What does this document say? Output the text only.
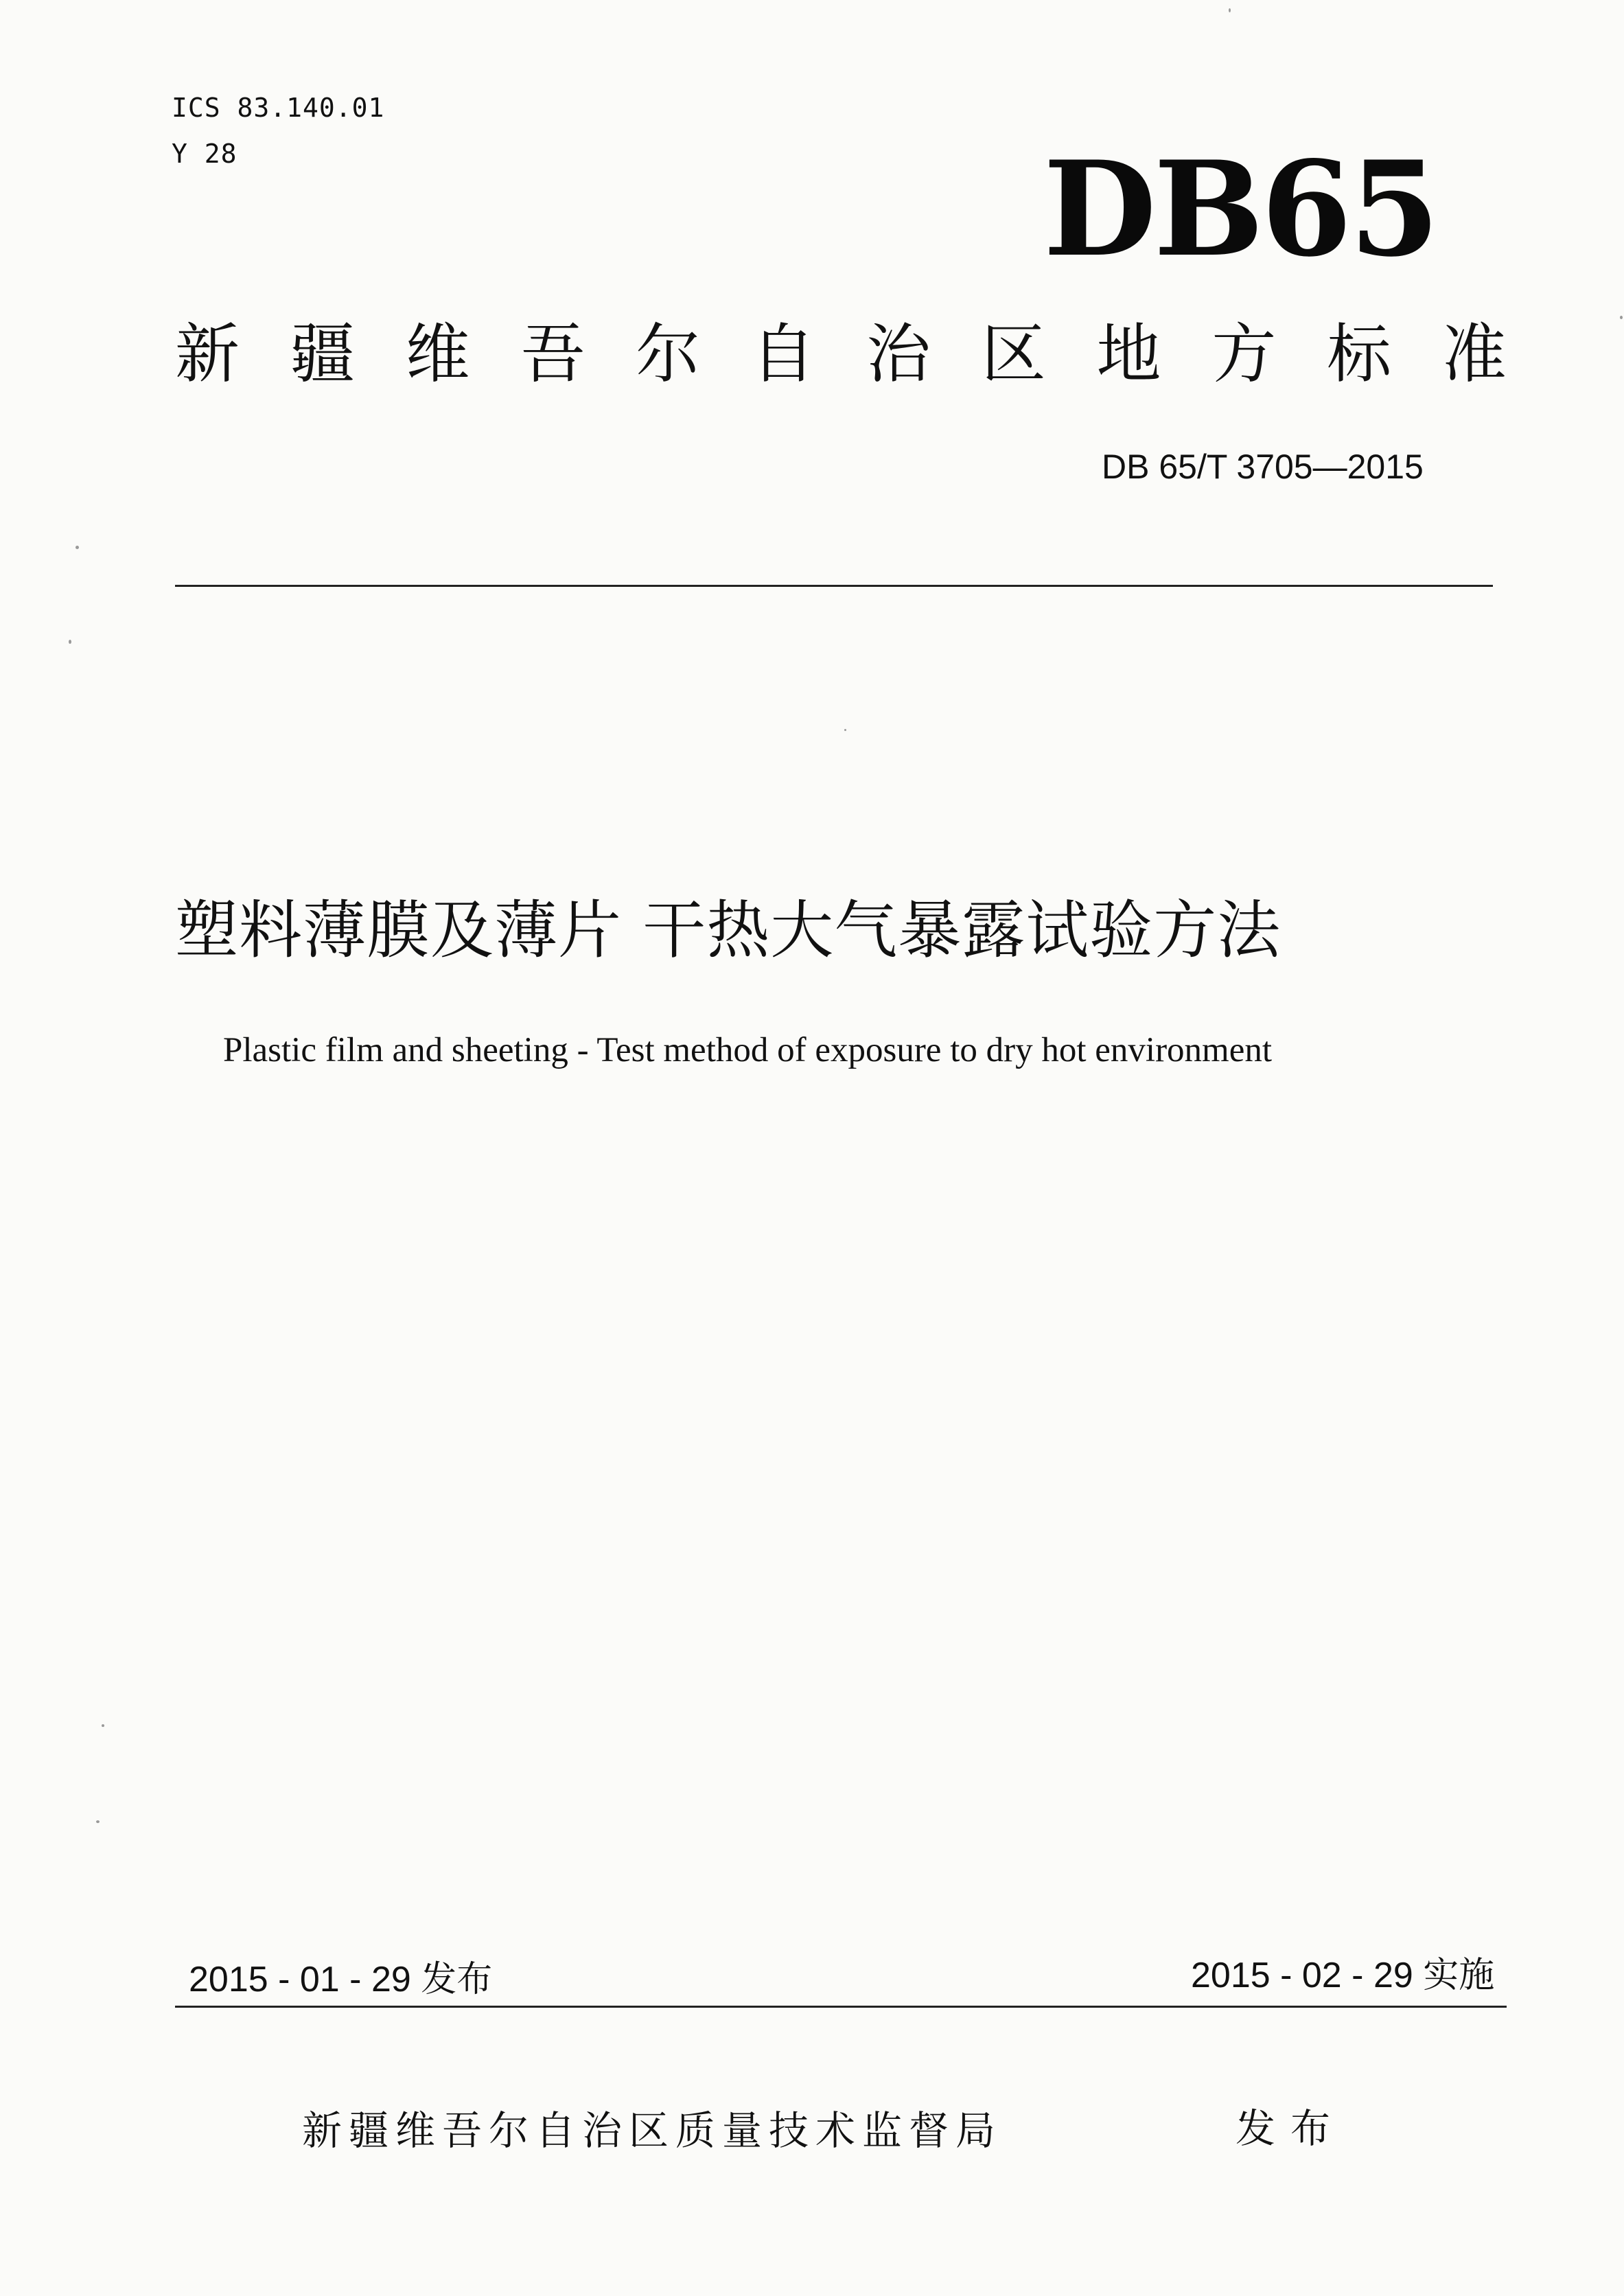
ICS 83.140.01
Y 28	DB65
新 疆 维 吾 尔 自 治 区 地 方 标 准
DB 65/T 3705—2015
塑料薄膜及薄片 干热大气暴露试验方法
Plastic film and sheeting - Test method of exposure to dry hot environment
2015 - 01 - 29 发布	2015 - 02 - 29 实施
新疆维吾尔自治区质量技术监督局	发布
